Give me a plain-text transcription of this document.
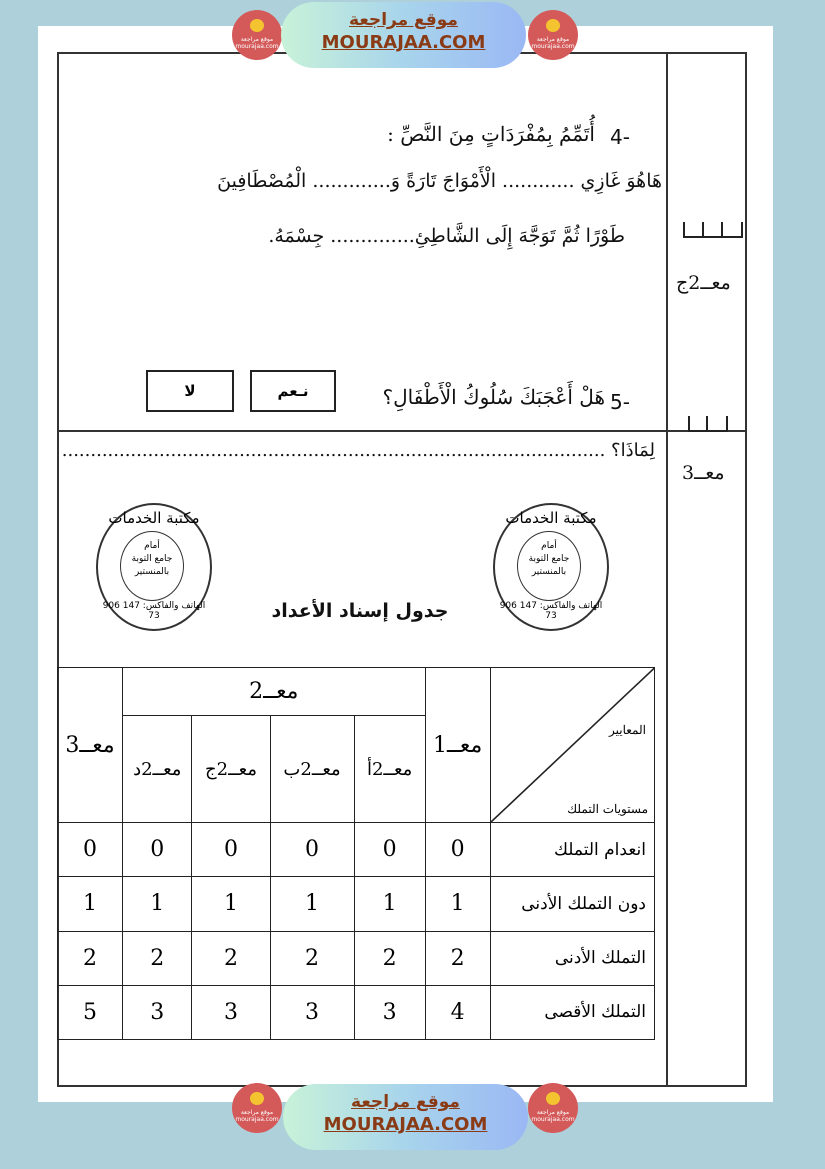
موقع مراجعة
mourajaa.com
موقع مراجعة
MOURAJAA.COM	موقع مراجعة
mourajaa.com
4-
أُتَمِّمُ بِمُفْرَدَاتٍ مِنَ النَّصِّ :
هَاهُوَ غَازِي ............ الْأَمْوَاجَ تَارَةً وَ............. الْمُصْطَافِينَ
طَوْرًا ثُمَّ تَوَجَّهَ إِلَى الشَّاطِئِ.............. جِسْمَهُ.
معــ2ج
5-
هَلْ أَعْجَبَكَ سُلُوكُ الْأَطْفَالِ؟
نـعم
لا
لِمَاذَا؟ ...............................................................................................
معــ3
مكتبة الخدمات
أمام
جامع التوبة
بالمنستير
الهاتف والفاكس: 147 906 73
مكتبة الخدمات
أمام
جامع التوبة
بالمنستير
الهاتف والفاكس: 147 906 73
جدول إسناد الأعداد
المعايير
مستويات التملك	معــ1	معــ2				معــ3
		معــ2أ	معــ2ب	معــ2ج	معــ2د	
انعدام التملك	0	0	0	0	0	0
دون التملك الأدنى	1	1	1	1	1	1
التملك الأدنى	2	2	2	2	2	2
التملك الأقصى	4	3	3	3	3	5
موقع مراجعة
mourajaa.com
موقع مراجعة
MOURAJAA.COM
موقع مراجعة
mourajaa.com
